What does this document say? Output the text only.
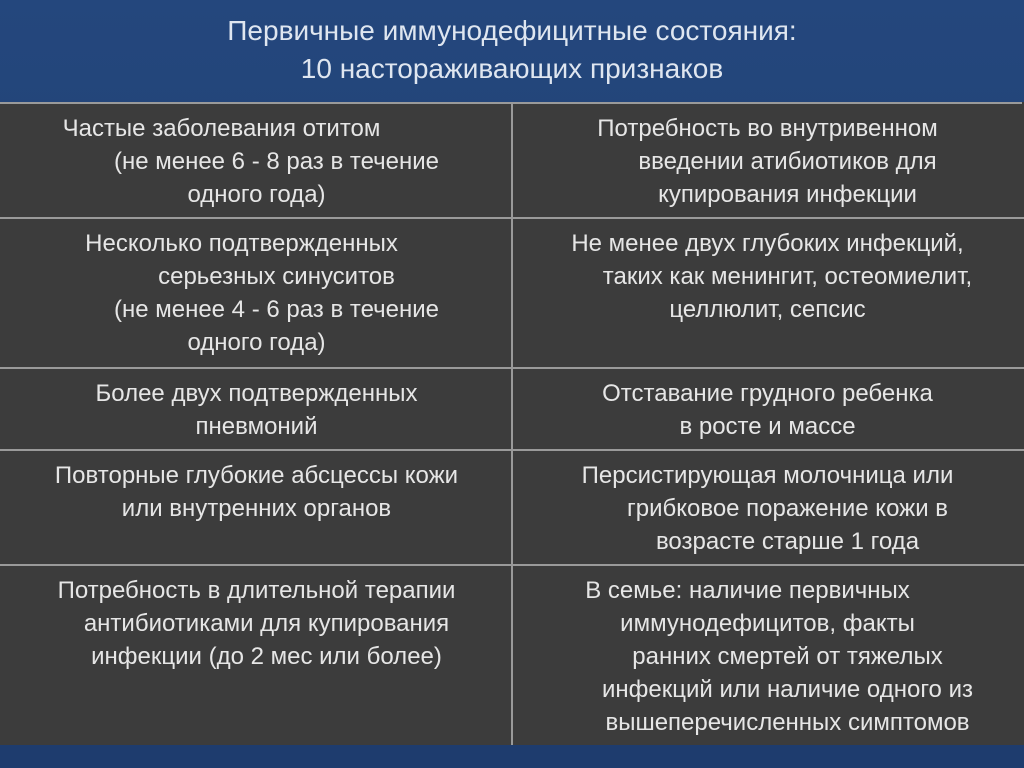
Первичные иммунодефицитные состояния:
10 настораживающих признаков
Частые заболевания отитом
(не менее 6 - 8 раз в течение
одного года)	Потребность во внутривенном
введении атибиотиков для
купирования инфекции

Несколько подтвержденных
серьезных синуситов
(не менее 4 - 6 раз в течение
одного года)	Не менее двух глубоких инфекций,
таких как менингит, остеомиелит,
целлюлит, сепсис

Более двух подтвержденных
пневмоний	Отставание грудного ребенка
в росте и массе

Повторные глубокие абсцессы кожи
или внутренних органов	Персистирующая молочница или
грибковое поражение кожи в
возрасте старше 1 года

Потребность в длительной терапии
антибиотиками для купирования
инфекции (до 2 мес или более)	В семье: наличие первичных
иммунодефицитов, факты
ранних смертей от тяжелых
инфекций или наличие одного из
вышеперечисленных симптомов
